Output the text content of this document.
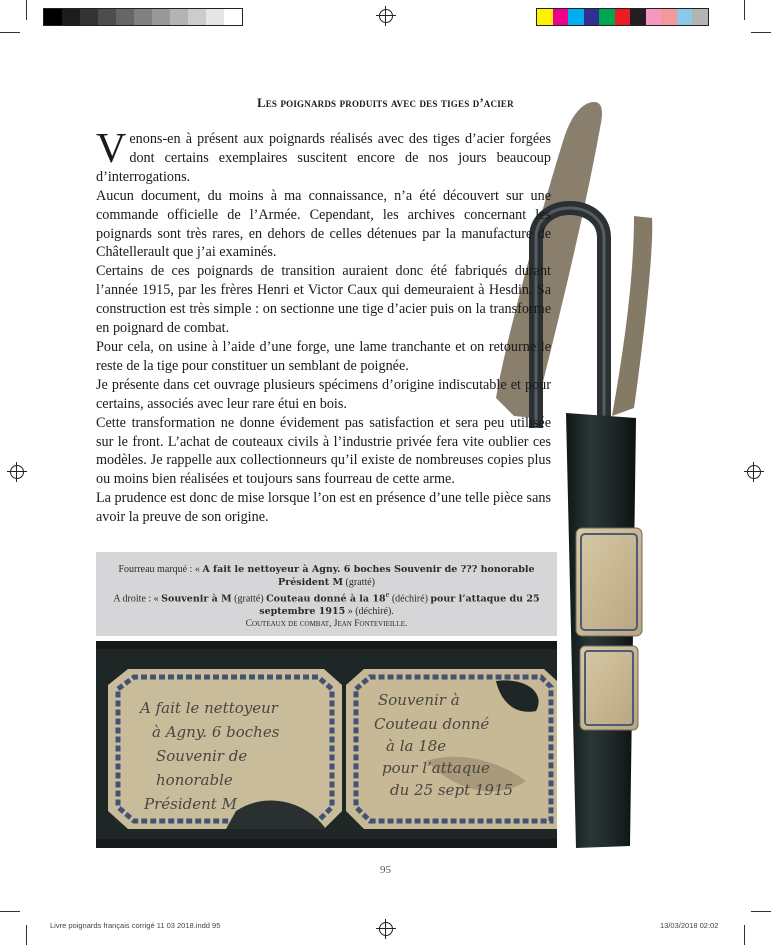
Les poignards produits avec des tiges d’acier

Venons-en à présent aux poignards réalisés avec des tiges d’acier forgées dont certains exemplaires suscitent encore de nos jours beaucoup d’interrogations.

Aucun document, du moins à ma connaissance, n’a été découvert sur une commande officielle de l’Armée. Cependant, les archives concernant les poignards sont très rares, en dehors de celles détenues par la manufacture de Châtellerault que j’ai examinés.

Certains de ces poignards de transition auraient donc été fabriqués durant l’année 1915, par les frères Henri et Victor Caux qui demeuraient à Hesdin. Sa construction est très simple : on sectionne une tige d’acier puis on la transforme en poignard de combat.

Pour cela, on usine à l’aide d’une forge, une lame tranchante et on retourne le reste de la tige pour constituer un semblant de poignée.

Je présente dans cet ouvrage plusieurs spécimens d’origine indiscutable et pour certains, associés avec leur rare étui en bois.

Cette transformation ne donne évidement pas satisfaction et sera peu utilisée sur le front. L’achat de couteaux civils à l’industrie privée fera vite oublier ces modèles. Je rappelle aux collectionneurs qu’il existe de nombreuses copies plus ou moins bien réalisées et toujours sans fourreau de cette arme.

La prudence est donc de mise lorsque l’on est en présence d’une telle pièce sans avoir la preuve de son origine.

Fourreau marqué : « A fait le nettoyeur à Agny. 6 boches Souvenir de ??? honorable Président M (gratté)
A droite : « Souvenir à M (gratté) Couteau donné à la 18e (déchiré) pour l’attaque du 25 septembre 1915 » (déchiré).
Couteaux de combat, Jean Fontevieille.
A fait le nettoyeur
à Agny. 6 boches
Souvenir de
honorable
Président M
Souvenir à
Couteau donné
à la 18e
pour l’attaque
du 25 sept 1915
95
Livre poignards français corrigé 11 03 2018.indd 95	13/03/2018 02:02
